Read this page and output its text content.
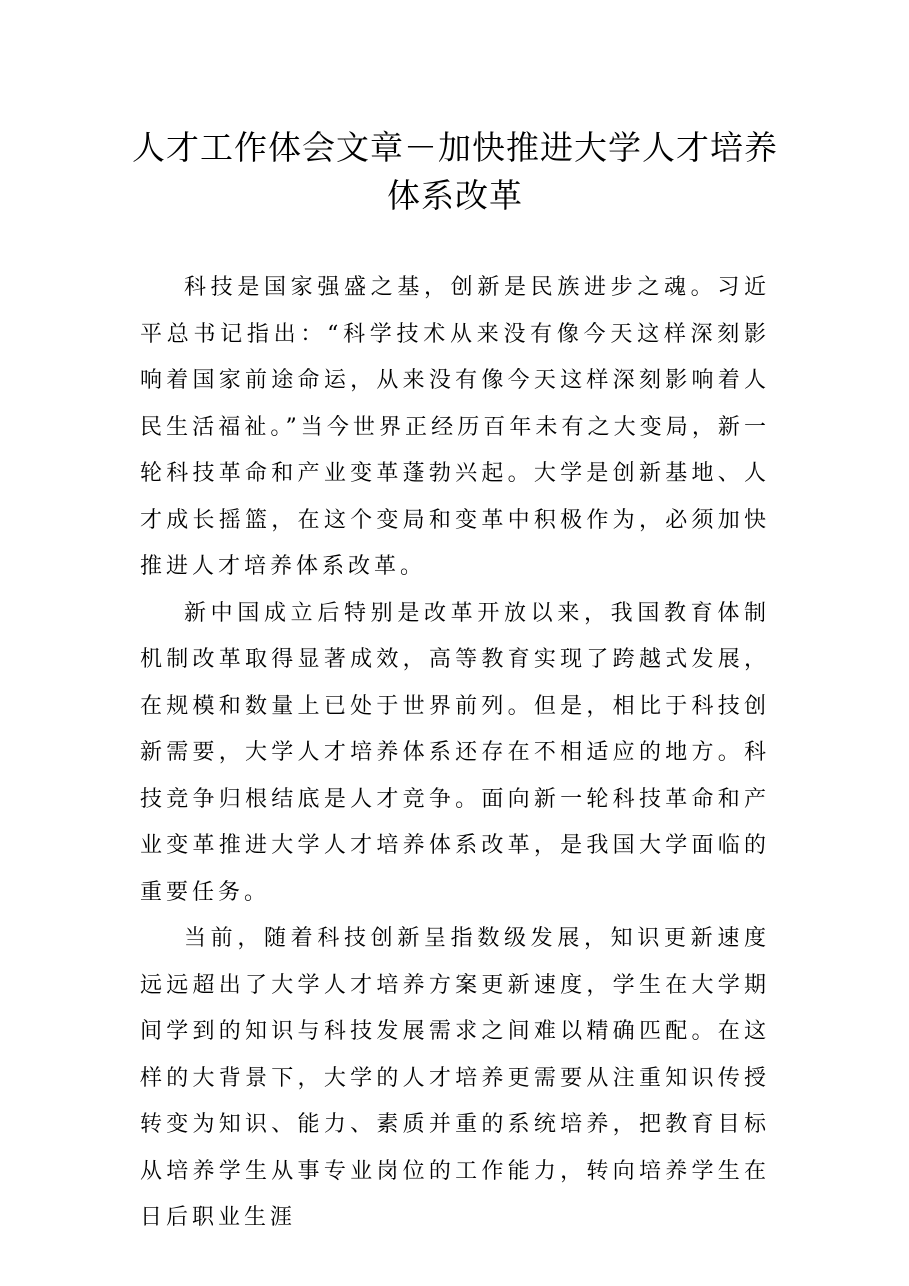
人才工作体会文章－加快推进大学人才培养体系改革

科技是国家强盛之基，创新是民族进步之魂。习近平总书记指出：“科学技术从来没有像今天这样深刻影响着国家前途命运，从来没有像今天这样深刻影响着人民生活福祉。”当今世界正经历百年未有之大变局，新一轮科技革命和产业变革蓬勃兴起。大学是创新基地、人才成长摇篮，在这个变局和变革中积极作为，必须加快推进人才培养体系改革。

新中国成立后特别是改革开放以来，我国教育体制机制改革取得显著成效，高等教育实现了跨越式发展，在规模和数量上已处于世界前列。但是，相比于科技创新需要，大学人才培养体系还存在不相适应的地方。科技竞争归根结底是人才竞争。面向新一轮科技革命和产业变革推进大学人才培养体系改革，是我国大学面临的重要任务。

当前，随着科技创新呈指数级发展，知识更新速度远远超出了大学人才培养方案更新速度，学生在大学期间学到的知识与科技发展需求之间难以精确匹配。在这样的大背景下，大学的人才培养更需要从注重知识传授转变为知识、能力、素质并重的系统培养，把教育目标从培养学生从事专业岗位的工作能力，转向培养学生在日后职业生涯
